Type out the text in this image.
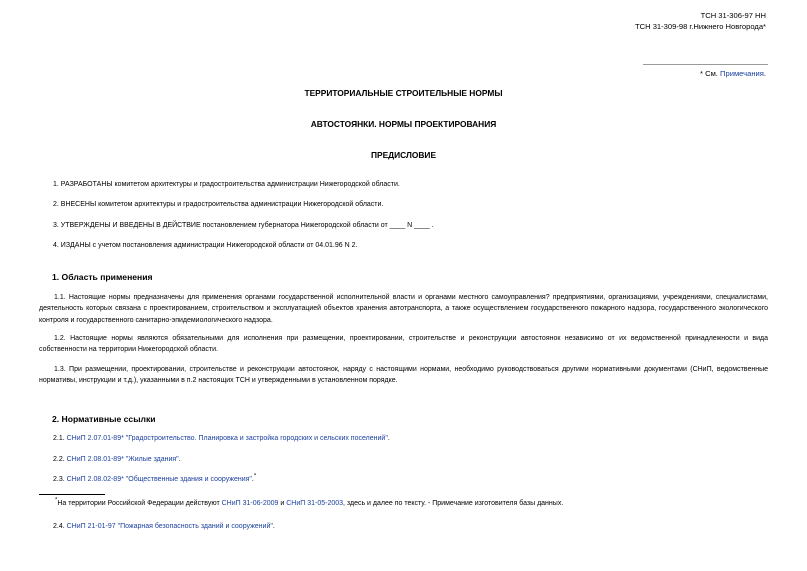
ТСН 31-306-97 НН
ТСН 31-309-98 г.Нижнего Новгорода*
* См. Примечания.
ТЕРРИТОРИАЛЬНЫЕ СТРОИТЕЛЬНЫЕ НОРМЫ
АВТОСТОЯНКИ. НОРМЫ ПРОЕКТИРОВАНИЯ
ПРЕДИСЛОВИЕ
1. РАЗРАБОТАНЫ комитетом архитектуры и градостроительства администрации Нижегородской области.
2. ВНЕСЕНЫ комитетом архитектуры и градостроительства администрации Нижегородской области.
3. УТВЕРЖДЕНЫ И ВВЕДЕНЫ В ДЕЙСТВИЕ постановлением губернатора Нижегородской области от ____ N ____ .
4. ИЗДАНЫ с учетом постановления администрации Нижегородской области от 04.01.96 N 2.
1. Область применения
1.1. Настоящие нормы предназначены для применения органами государственной исполнительной власти и органами местного самоуправления? предприятиями, организациями, учреждениями, специалистами, деятельность которых связана с проектированием, строительством и эксплуатацией объектов хранения автотранспорта, а также осуществлением государственного пожарного надзора, государственного экологического контроля и государственного санитарно-эпидемиологического надзора.
1.2. Настоящие нормы являются обязательными для исполнения при размещении, проектировании, строительстве и реконструкции автостоянок независимо от их ведомственной принадлежности и вида собственности на территории Нижегородской области.
1.3. При размещении, проектировании, строительстве и реконструкции автостоянок, наряду с настоящими нормами, необходимо руководствоваться другими нормативными документами (СНиП, ведомственные нормативы, инструкции и т.д.), указанными в п.2 настоящих ТСН и утвержденными в установленном порядке.
2. Нормативные ссылки
2.1. СНиП 2.07.01-89* "Градостроительство. Планировка и застройка городских и сельских поселений".
2.2. СНиП 2.08.01-89* "Жилые здания".
2.3. СНиП 2.08.02-89* "Общественные здания и сооружения".*
*На территории Российской Федерации действуют СНиП 31-06-2009 и СНиП 31-05-2003, здесь и далее по тексту. - Примечание изготовителя базы данных.
2.4. СНиП 21-01-97 "Пожарная безопасность зданий и сооружений".
